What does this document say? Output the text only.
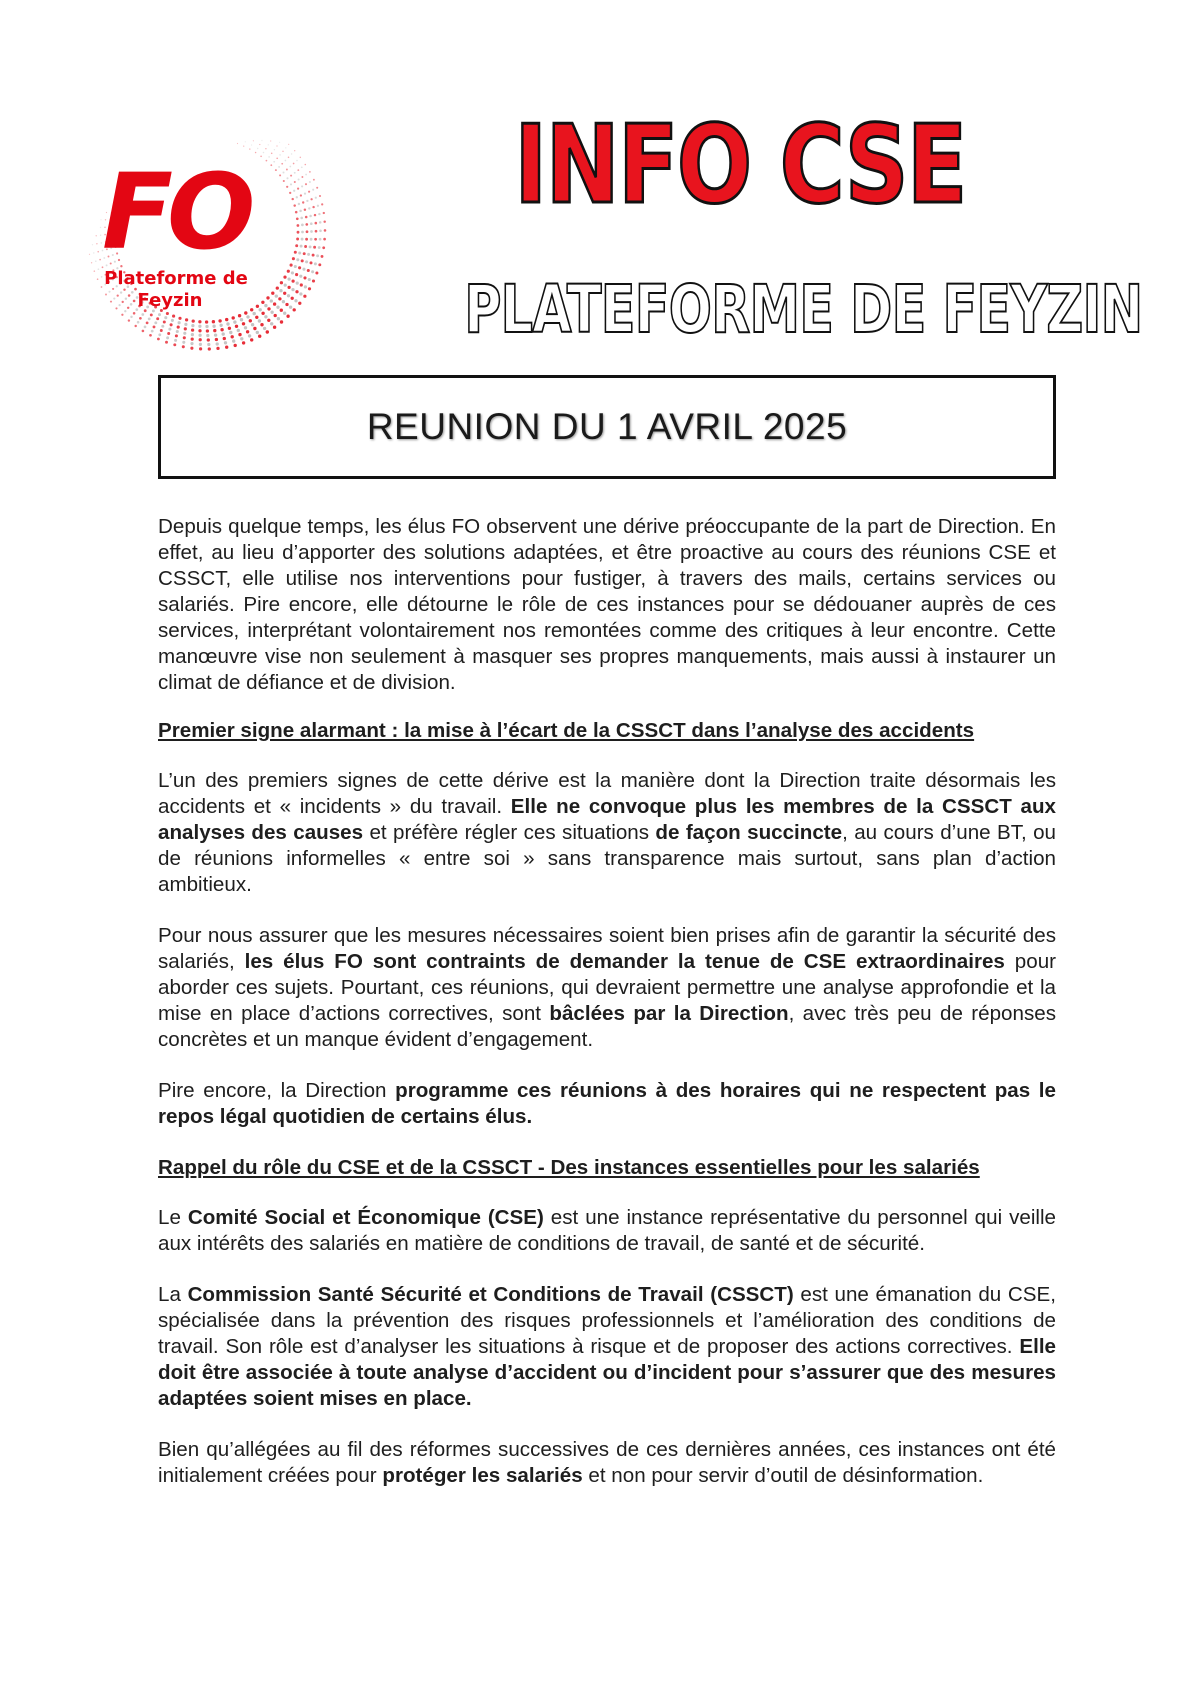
FO
Plateforme de
Feyzin
INFO CSE
PLATEFORME DE FEYZIN
REUNION DU 1 AVRIL 2025

Depuis quelque temps, les élus FO observent une dérive préoccupante de la part de Direction. En effet, au lieu d’apporter des solutions adaptées, et être proactive au cours des réunions CSE et CSSCT, elle utilise nos interventions pour fustiger, à travers des mails, certains services ou salariés. Pire encore, elle détourne le rôle de ces instances pour se dédouaner auprès de ces services, interprétant volontairement nos remontées comme des critiques à leur encontre. Cette manœuvre vise non seulement à masquer ses propres manquements, mais aussi à instaurer un climat de défiance et de division.

Premier signe alarmant : la mise à l’écart de la CSSCT dans l’analyse des accidents

L’un des premiers signes de cette dérive est la manière dont la Direction traite désormais les accidents et « incidents » du travail. Elle ne convoque plus les membres de la CSSCT aux analyses des causes et préfère régler ces situations de façon succincte, au cours d’une BT, ou de réunions informelles « entre soi » sans transparence mais surtout, sans plan d’action ambitieux.

Pour nous assurer que les mesures nécessaires soient bien prises afin de garantir la sécurité des salariés, les élus FO sont contraints de demander la tenue de CSE extraordinaires pour aborder ces sujets. Pourtant, ces réunions, qui devraient permettre une analyse approfondie et la mise en place d’actions correctives, sont bâclées par la Direction, avec très peu de réponses concrètes et un manque évident d’engagement.

Pire encore, la Direction programme ces réunions à des horaires qui ne respectent pas le repos légal quotidien de certains élus.

Rappel du rôle du CSE et de la CSSCT - Des instances essentielles pour les salariés

Le Comité Social et Économique (CSE) est une instance représentative du personnel qui veille aux intérêts des salariés en matière de conditions de travail, de santé et de sécurité.

La Commission Santé Sécurité et Conditions de Travail (CSSCT) est une émanation du CSE, spécialisée dans la prévention des risques professionnels et l’amélioration des conditions de travail. Son rôle est d’analyser les situations à risque et de proposer des actions correctives. Elle doit être associée à toute analyse d’accident ou d’incident pour s’assurer que des mesures adaptées soient mises en place.

Bien qu’allégées au fil des réformes successives de ces dernières années, ces instances ont été initialement créées pour protéger les salariés et non pour servir d’outil de désinformation.
